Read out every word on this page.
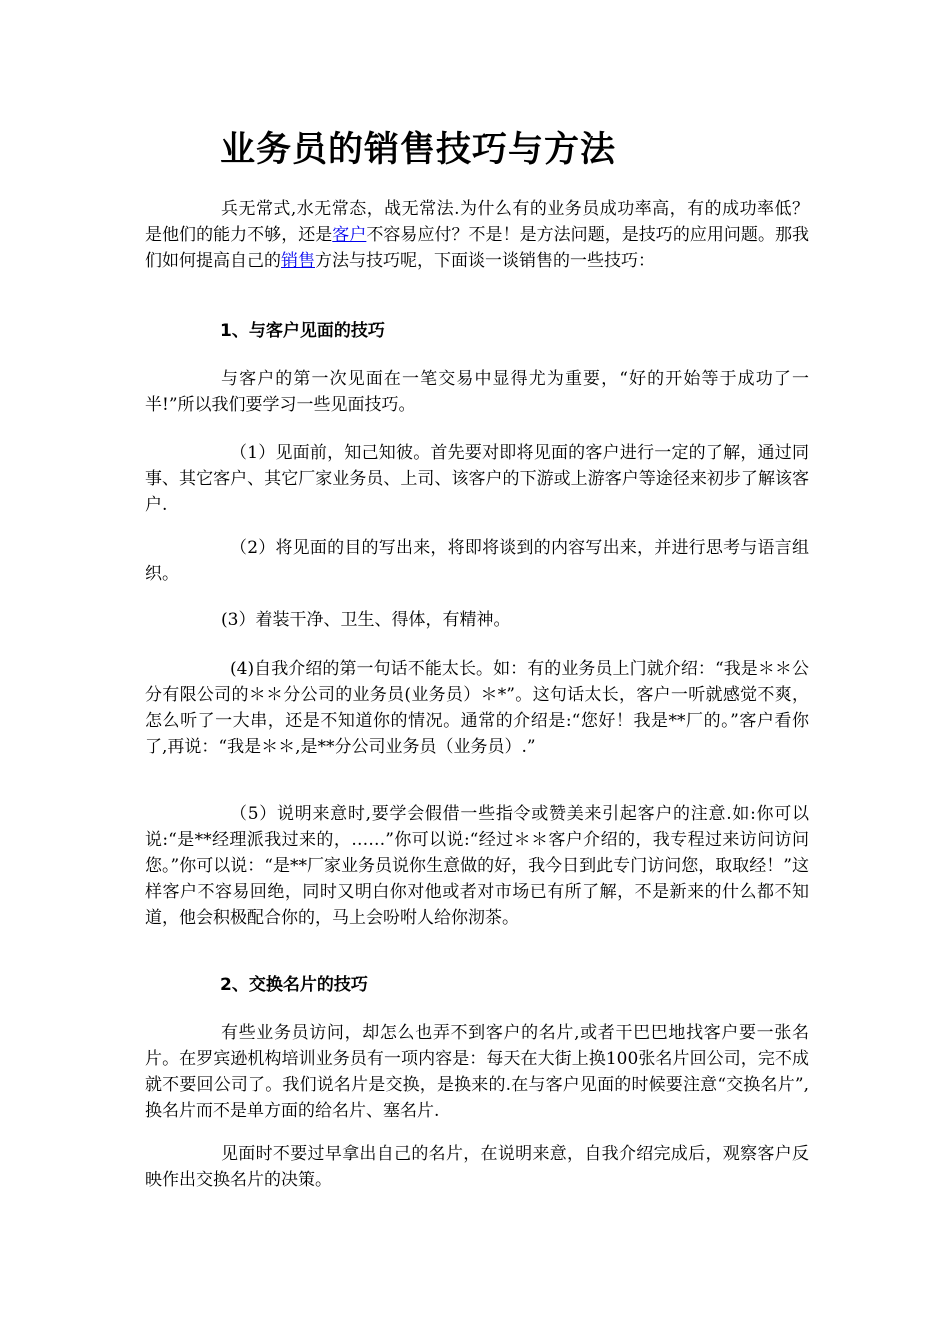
业务员的销售技巧与方法

兵无常式,水无常态，战无常法.为什么有的业务员成功率高，有的成功率低？是他们的能力不够，还是客户不容易应付？不是！是方法问题，是技巧的应用问题。那我们如何提高自己的销售方法与技巧呢，下面谈一谈销售的一些技巧：

1、与客户见面的技巧

与客户的第一次见面在一笔交易中显得尤为重要，“好的开始等于成功了一半!”所以我们要学习一些见面技巧。

（1）见面前，知己知彼。首先要对即将见面的客户进行一定的了解，通过同事、其它客户、其它厂家业务员、上司、该客户的下游或上游客户等途径来初步了解该客户.

（2）将见面的目的写出来，将即将谈到的内容写出来，并进行思考与语言组织。

(3）着装干净、卫生、得体，有精神。

(4)自我介绍的第一句话不能太长。如：有的业务员上门就介绍：“我是＊＊公分有限公司的＊＊分公司的业务员(业务员）＊*”。这句话太长，客户一听就感觉不爽，怎么听了一大串，还是不知道你的情况。通常的介绍是:“您好！我是**厂的。”客户看你了,再说：“我是＊＊,是**分公司业务员（业务员）.”

（5）说明来意时,要学会假借一些指令或赞美来引起客户的注意.如:你可以说:“是**经理派我过来的，……”你可以说:“经过＊＊客户介绍的，我专程过来访问访问您。”你可以说：“是**厂家业务员说你生意做的好，我今日到此专门访问您，取取经！”这样客户不容易回绝，同时又明白你对他或者对市场已有所了解，不是新来的什么都不知道，他会积极配合你的，马上会吩咐人给你沏茶。

2、交换名片的技巧

有些业务员访问，却怎么也弄不到客户的名片,或者干巴巴地找客户要一张名片。在罗宾逊机构培训业务员有一项内容是：每天在大街上换100张名片回公司，完不成就不要回公司了。我们说名片是交换，是换来的.在与客户见面的时候要注意“交换名片”,换名片而不是单方面的给名片、塞名片.

见面时不要过早拿出自己的名片，在说明来意，自我介绍完成后，观察客户反映作出交换名片的决策。
